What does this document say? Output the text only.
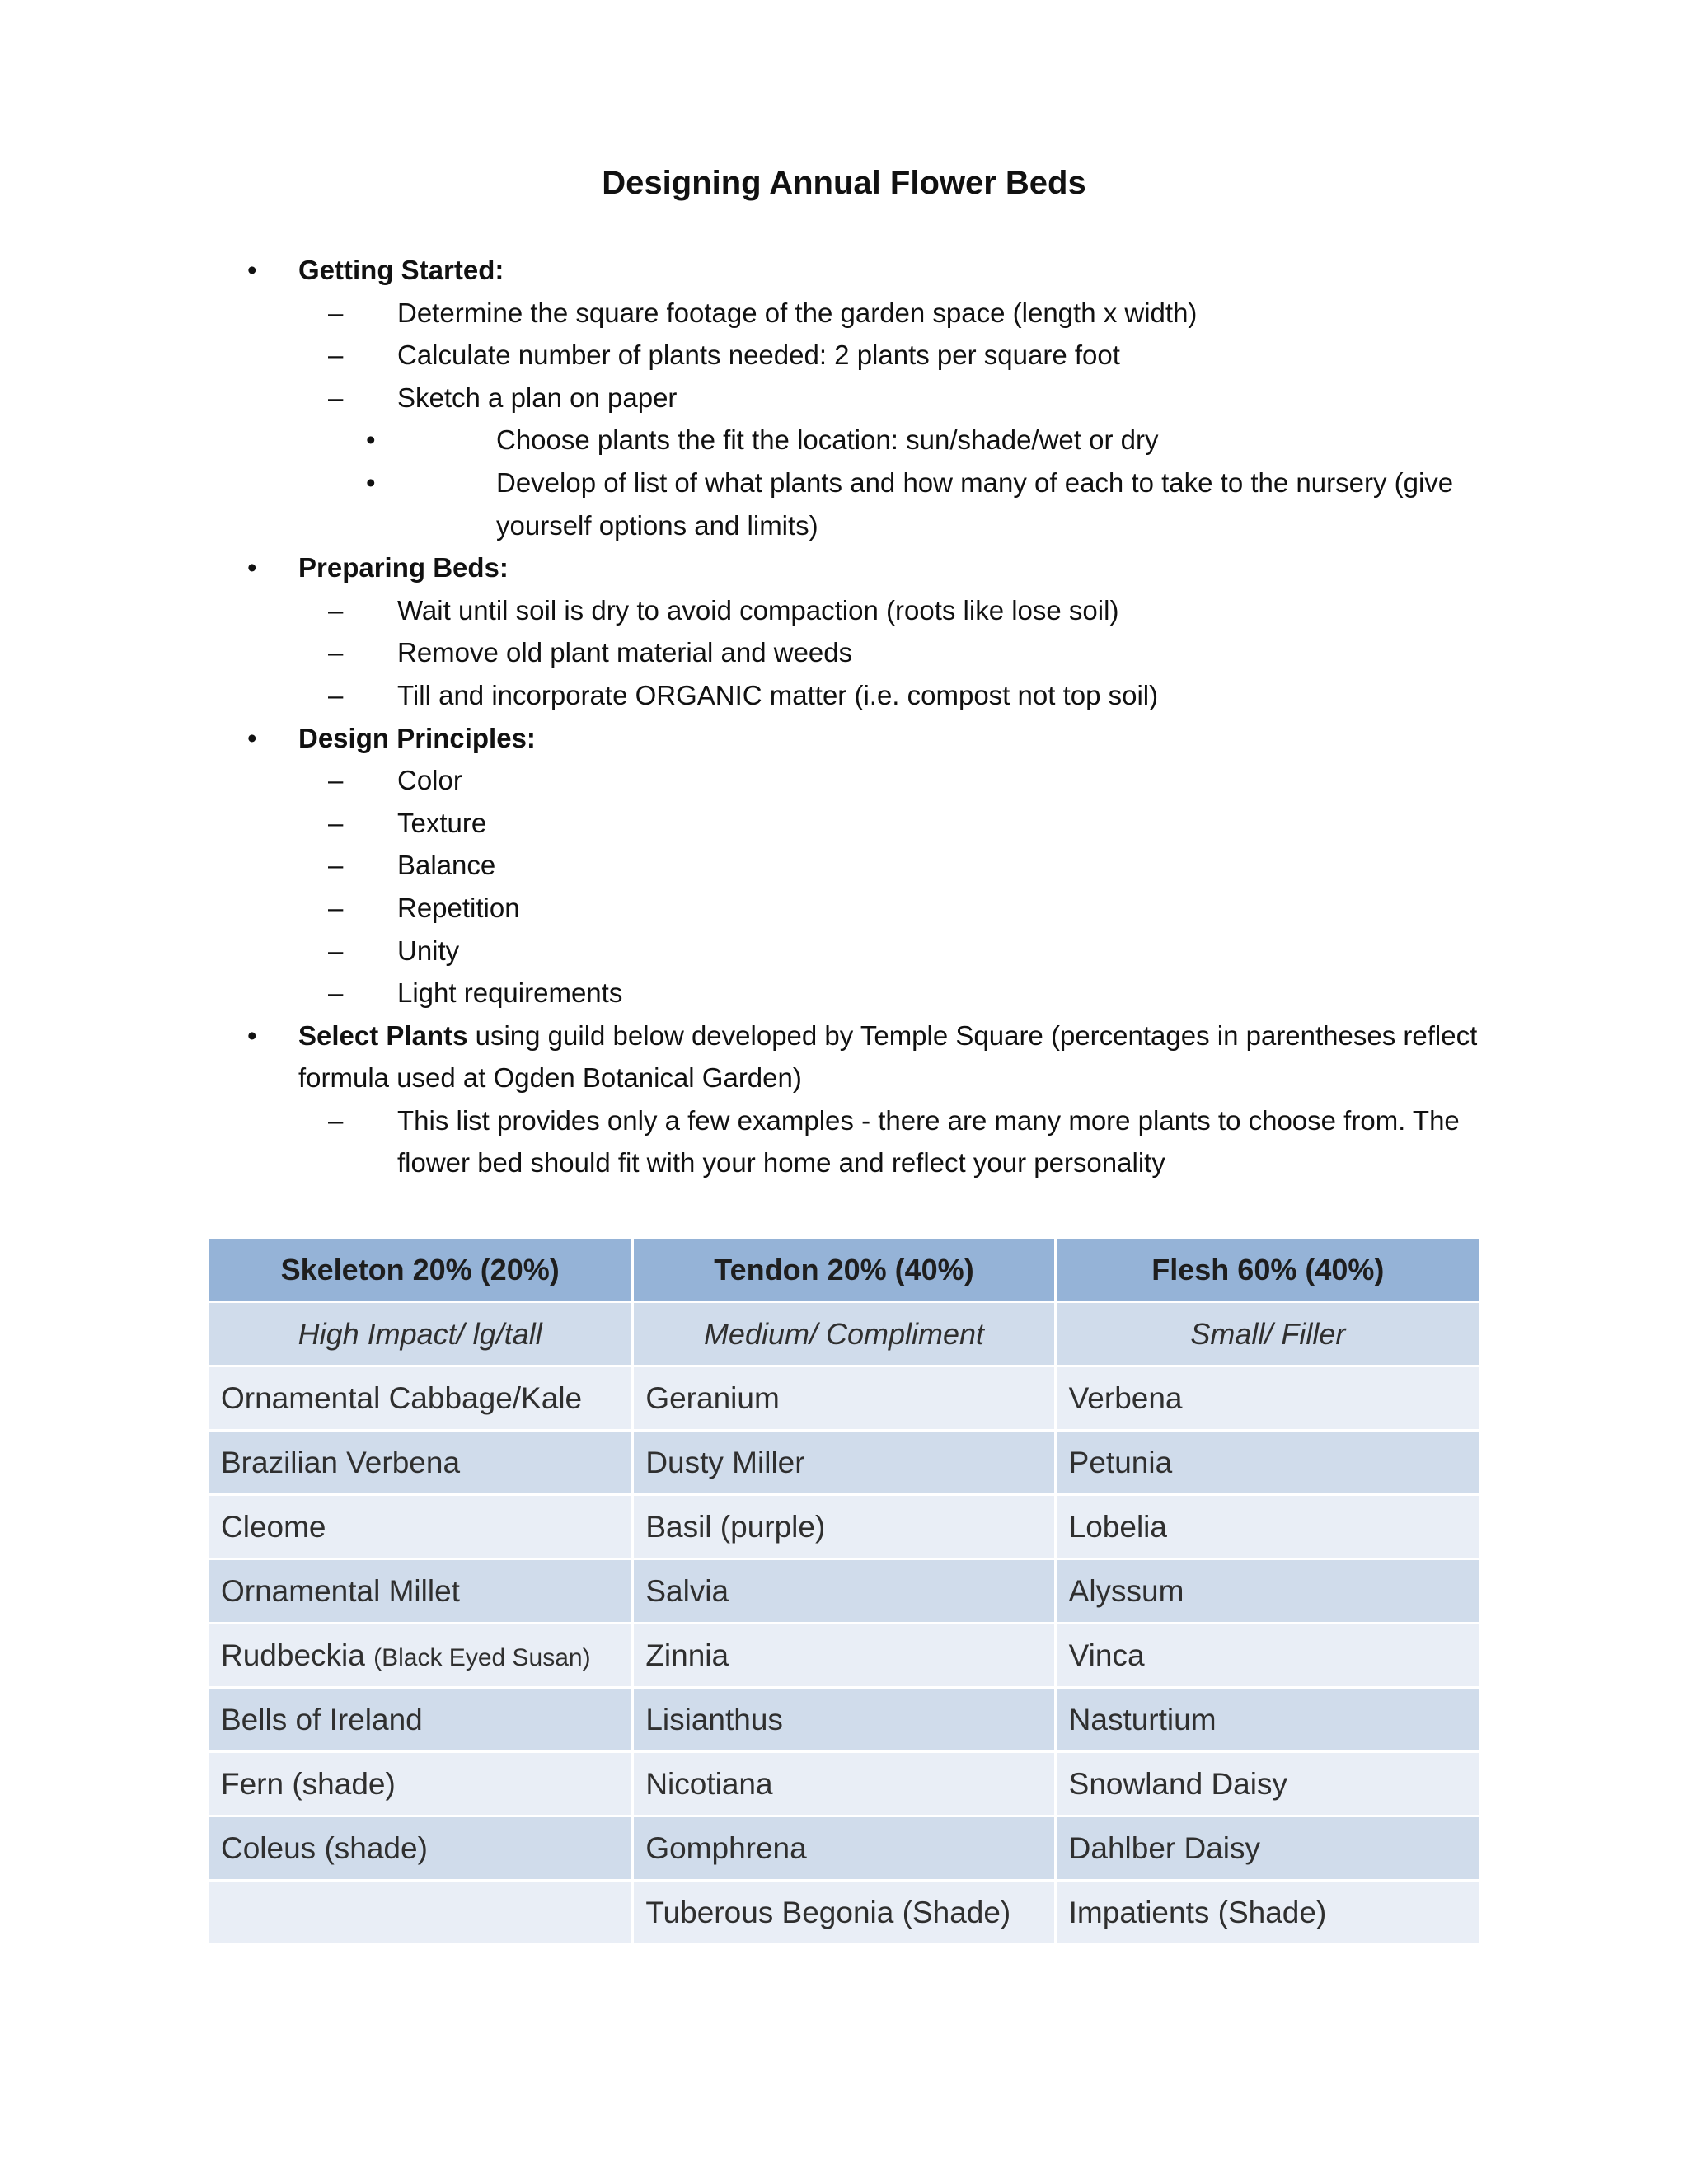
Designing Annual Flower Beds
• Getting Started:
–	Determine the square footage of the garden space (length x width)
–	Calculate number of plants needed: 2 plants per square foot
–	Sketch a plan on paper
•	Choose plants the fit the location: sun/shade/wet or dry
•	Develop of list of what plants and how many of each to take to the nursery (give yourself options and limits)
• Preparing Beds:
–	Wait until soil is dry to avoid compaction (roots like lose soil)
–	Remove old plant material and weeds
–	Till and incorporate ORGANIC matter (i.e. compost not top soil)
• Design Principles:
–	Color
–	Texture
–	Balance
–	Repetition
–	Unity
–	Light requirements
• Select Plants using guild below developed by Temple Square (percentages in parentheses reflect formula used at Ogden Botanical Garden)
–	This list provides only a few examples - there are many more plants to choose from. The flower bed should fit with your home and reflect your personality
Skeleton 20% (20%)	Tendon 20% (40%)	Flesh 60% (40%)
High Impact/ lg/tall	Medium/ Compliment	Small/ Filler
Ornamental Cabbage/Kale	Geranium	Verbena
Brazilian Verbena	Dusty Miller	Petunia
Cleome	Basil (purple)	Lobelia
Ornamental Millet	Salvia	Alyssum
Rudbeckia (Black Eyed Susan)	Zinnia	Vinca
Bells of Ireland	Lisianthus	Nasturtium
Fern (shade)	Nicotiana	Snowland Daisy
Coleus (shade)	Gomphrena	Dahlber Daisy
	Tuberous Begonia (Shade)	Impatients (Shade)
